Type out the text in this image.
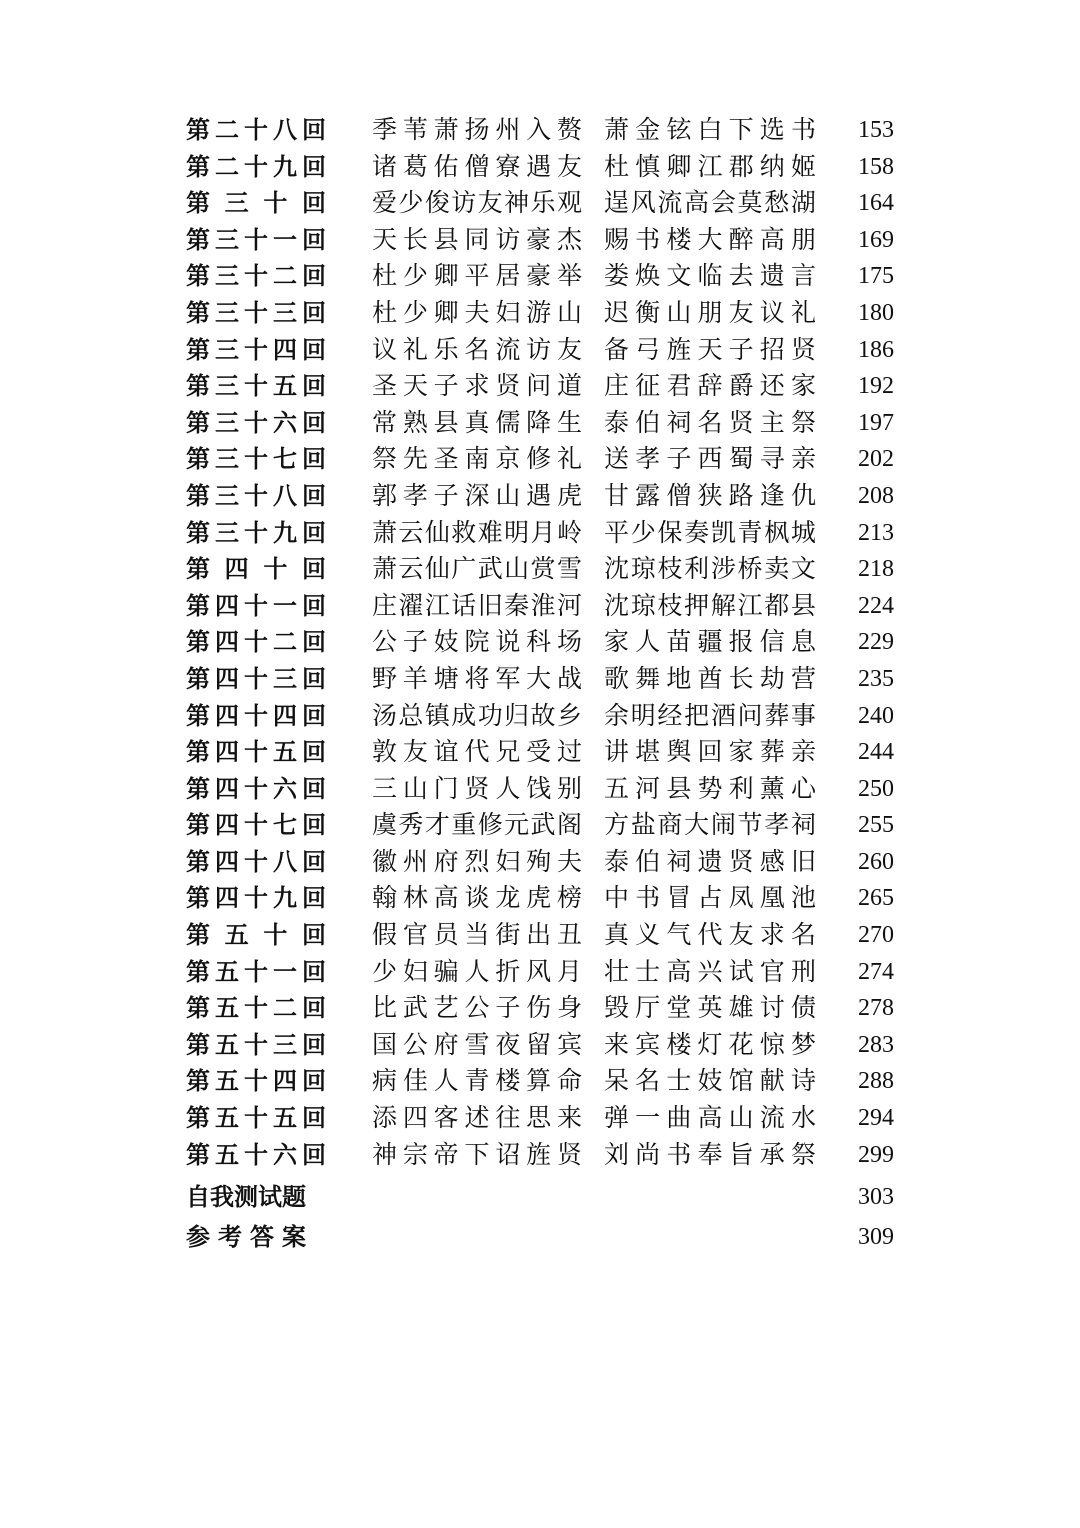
第 二 十 八 回 季 苇 萧 扬 州 入 赘 萧 金 铉 白 下 选 书 153
第 二 十 九 回 诸 葛 佑 僧 寮 遇 友 杜 慎 卿 江 郡 纳 姬 158
第 三 十 回 爱 少 俊 访 友 神 乐 观 逞 风 流 高 会 莫 愁 湖 164
第 三 十 一 回 天 长 县 同 访 豪 杰 赐 书 楼 大 醉 高 朋 169
第 三 十 二 回 杜 少 卿 平 居 豪 举 娄 焕 文 临 去 遗 言 175
第 三 十 三 回 杜 少 卿 夫 妇 游 山 迟 衡 山 朋 友 议 礼 180
第 三 十 四 回 议 礼 乐 名 流 访 友 备 弓 旌 天 子 招 贤 186
第 三 十 五 回 圣 天 子 求 贤 问 道 庄 征 君 辞 爵 还 家 192
第 三 十 六 回 常 熟 县 真 儒 降 生 泰 伯 祠 名 贤 主 祭 197
第 三 十 七 回 祭 先 圣 南 京 修 礼 送 孝 子 西 蜀 寻 亲 202
第 三 十 八 回 郭 孝 子 深 山 遇 虎 甘 露 僧 狭 路 逢 仇 208
第 三 十 九 回 萧 云 仙 救 难 明 月 岭 平 少 保 奏 凯 青 枫 城 213
第 四 十 回 萧 云 仙 广 武 山 赏 雪 沈 琼 枝 利 涉 桥 卖 文 218
第 四 十 一 回 庄 濯 江 话 旧 秦 淮 河 沈 琼 枝 押 解 江 都 县 224
第 四 十 二 回 公 子 妓 院 说 科 场 家 人 苗 疆 报 信 息 229
第 四 十 三 回 野 羊 塘 将 军 大 战 歌 舞 地 酋 长 劫 营 235
第 四 十 四 回 汤 总 镇 成 功 归 故 乡 余 明 经 把 酒 问 葬 事 240
第 四 十 五 回 敦 友 谊 代 兄 受 过 讲 堪 舆 回 家 葬 亲 244
第 四 十 六 回 三 山 门 贤 人 饯 别 五 河 县 势 利 薰 心 250
第 四 十 七 回 虞 秀 才 重 修 元 武 阁 方 盐 商 大 闹 节 孝 祠 255
第 四 十 八 回 徽 州 府 烈 妇 殉 夫 泰 伯 祠 遗 贤 感 旧 260
第 四 十 九 回 翰 林 高 谈 龙 虎 榜 中 书 冒 占 凤 凰 池 265
第 五 十 回 假 官 员 当 街 出 丑 真 义 气 代 友 求 名 270
第 五 十 一 回 少 妇 骗 人 折 风 月 壮 士 高 兴 试 官 刑 274
第 五 十 二 回 比 武 艺 公 子 伤 身 毁 厅 堂 英 雄 讨 债 278
第 五 十 三 回 国 公 府 雪 夜 留 宾 来 宾 楼 灯 花 惊 梦 283
第 五 十 四 回 病 佳 人 青 楼 算 命 呆 名 士 妓 馆 献 诗 288
第 五 十 五 回 添 四 客 述 往 思 来 弹 一 曲 高 山 流 水 294
第 五 十 六 回 神 宗 帝 下 诏 旌 贤 刘 尚 书 奉 旨 承 祭 299
自我测试题	303
参考答案	309
